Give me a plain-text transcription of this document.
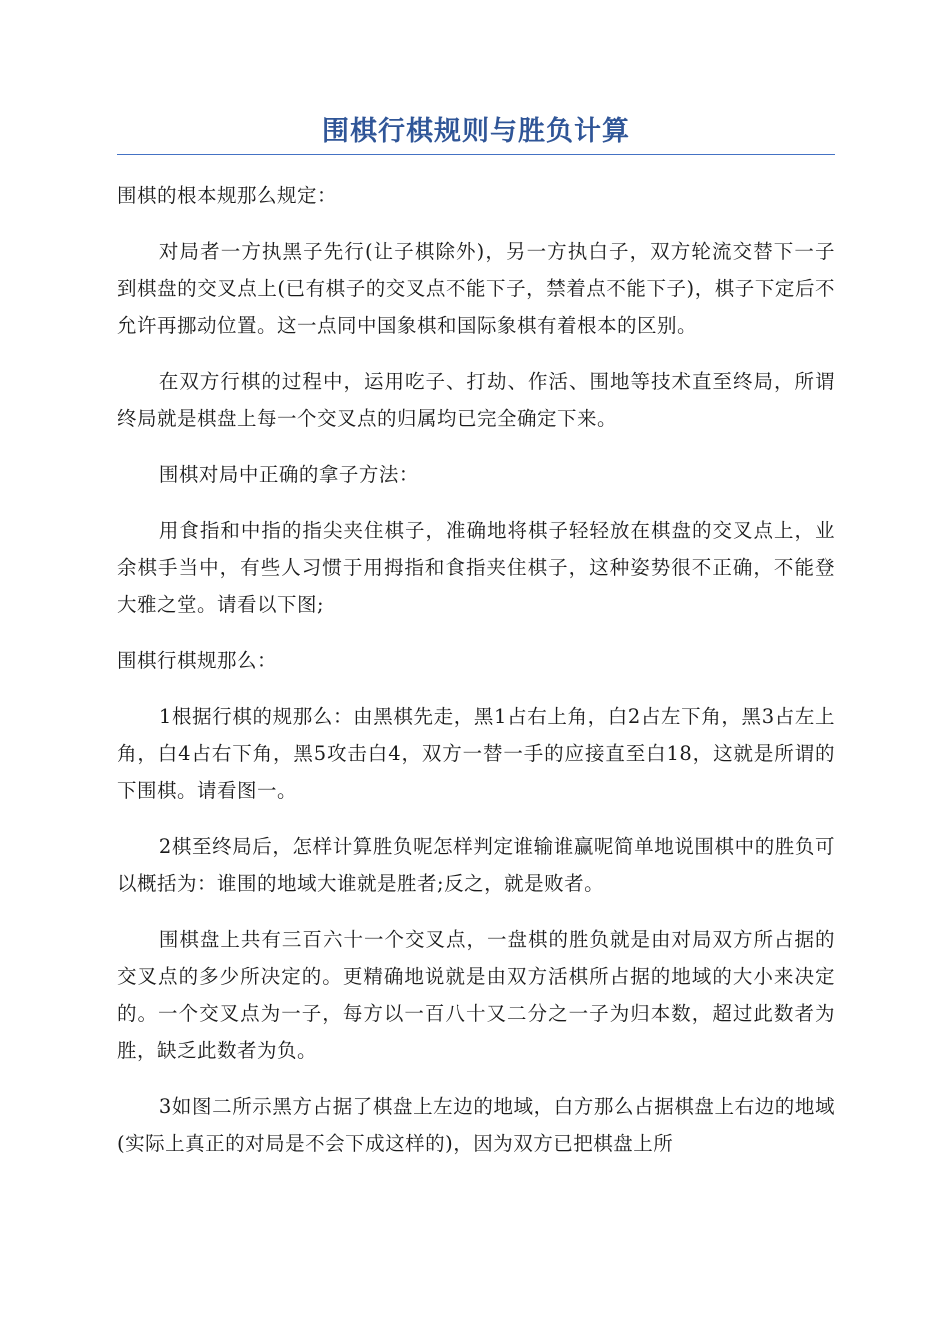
围棋行棋规则与胜负计算

围棋的根本规那么规定：

对局者一方执黑子先行(让子棋除外)，另一方执白子，双方轮流交替下一子到棋盘的交叉点上(已有棋子的交叉点不能下子，禁着点不能下子)，棋子下定后不允许再挪动位置。这一点同中国象棋和国际象棋有着根本的区别。

在双方行棋的过程中，运用吃子、打劫、作活、围地等技术直至终局，所谓终局就是棋盘上每一个交叉点的归属均已完全确定下来。

围棋对局中正确的拿子方法：

用食指和中指的指尖夹住棋子，准确地将棋子轻轻放在棋盘的交叉点上，业余棋手当中，有些人习惯于用拇指和食指夹住棋子，这种姿势很不正确，不能登大雅之堂。请看以下图;

围棋行棋规那么：

1根据行棋的规那么：由黑棋先走，黑1占右上角，白2占左下角，黑3占左上角，白4占右下角，黑5攻击白4，双方一替一手的应接直至白18，这就是所谓的下围棋。请看图一。

2棋至终局后，怎样计算胜负呢怎样判定谁输谁赢呢简单地说围棋中的胜负可以概括为：谁围的地域大谁就是胜者;反之，就是败者。

围棋盘上共有三百六十一个交叉点，一盘棋的胜负就是由对局双方所占据的交叉点的多少所决定的。更精确地说就是由双方活棋所占据的地域的大小来决定的。一个交叉点为一子，每方以一百八十又二分之一子为归本数，超过此数者为胜，缺乏此数者为负。

3如图二所示黑方占据了棋盘上左边的地域，白方那么占据棋盘上右边的地域(实际上真正的对局是不会下成这样的)，因为双方已把棋盘上所
